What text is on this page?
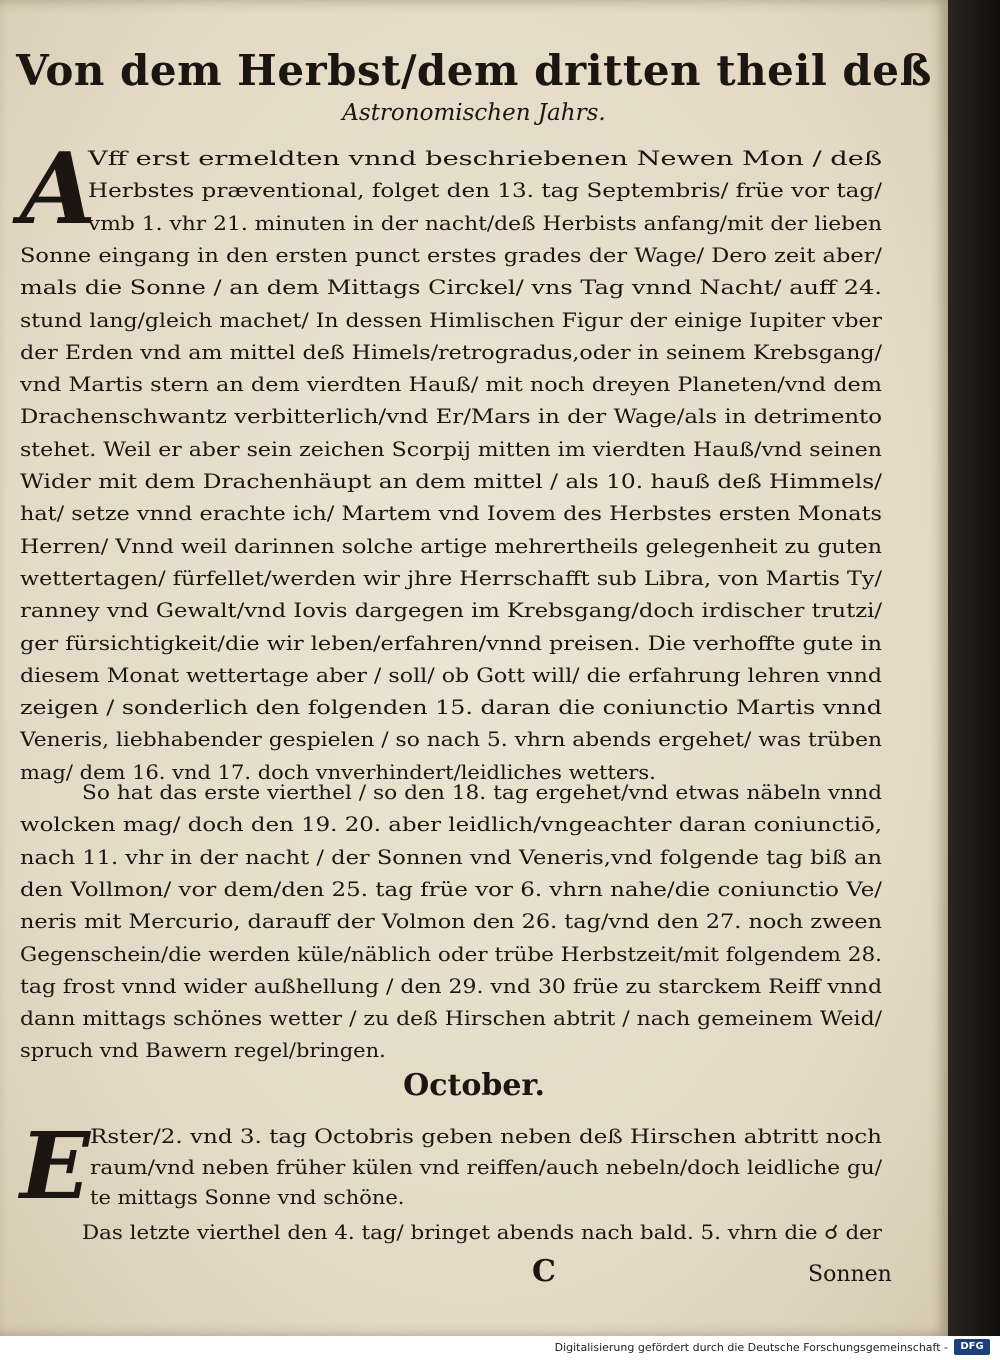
Von dem Herbst/dem dritten theil deß
Astronomischen Jahrs.
A
Vff erst ermeldten vnnd beschriebenen Newen Mon / deß
Herbstes præventional, folget den 13. tag Septembris/ früe vor tag/
vmb 1. vhr 21. minuten in der nacht/deß Herbists anfang/mit der lieben
Sonne eingang in den ersten punct erstes grades der Wage/ Dero zeit aber/
mals die Sonne / an dem Mittags Circkel/ vns Tag vnnd Nacht/ auff 24.
stund lang/gleich machet/ In dessen Himlischen Figur der einige Iupiter vber
der Erden vnd am mittel deß Himels/retrogradus,oder in seinem Krebsgang/
vnd Martis stern an dem vierdten Hauß/ mit noch dreyen Planeten/vnd dem
Drachenschwantz verbitterlich/vnd Er/Mars in der Wage/als in detrimento
stehet. Weil er aber sein zeichen Scorpij mitten im vierdten Hauß/vnd seinen
Wider mit dem Drachenhäupt an dem mittel / als 10. hauß deß Himmels/
hat/ setze vnnd erachte ich/ Martem vnd Iovem des Herbstes ersten Monats
Herren/ Vnnd weil darinnen solche artige mehrertheils gelegenheit zu guten
wettertagen/ fürfellet/werden wir jhre Herrschafft sub Libra, von Martis Ty/
ranney vnd Gewalt/vnd Iovis dargegen im Krebsgang/doch irdischer trutzi/
ger fürsichtigkeit/die wir leben/erfahren/vnnd preisen. Die verhoffte gute in
diesem Monat wettertage aber / soll/ ob Gott will/ die erfahrung lehren vnnd
zeigen / sonderlich den folgenden 15. daran die coniunctio Martis vnnd
Veneris, liebhabender gespielen / so nach 5. vhrn abends ergehet/ was trüben
mag/ dem 16. vnd 17. doch vnverhindert/leidliches wetters.
So hat das erste vierthel / so den 18. tag ergehet/vnd etwas näbeln vnnd
wolcken mag/ doch den 19. 20. aber leidlich/vngeachter daran coniunctiō,
nach 11. vhr in der nacht / der Sonnen vnd Veneris,vnd folgende tag biß an
den Vollmon/ vor dem/den 25. tag früe vor 6. vhrn nahe/die coniunctio Ve/
neris mit Mercurio, darauff der Volmon den 26. tag/vnd den 27. noch zween
Gegenschein/die werden küle/näblich oder trübe Herbstzeit/mit folgendem 28.
tag frost vnnd wider außhellung / den 29. vnd 30 früe zu starckem Reiff vnnd
dann mittags schönes wetter / zu deß Hirschen abtrit / nach gemeinem Weid/
spruch vnd Bawern regel/bringen.
Rster/2. vnd 3. tag Octobris geben neben deß Hirschen abtritt noch
raum/vnd neben früher külen vnd reiffen/auch nebeln/doch leidliche gu/
te mittags Sonne vnd schöne.
Das letzte vierthel den 4. tag/ bringet abends nach bald. 5. vhrn die ☌ der
October.
E
C	Sonnen
Digitalisierung gefördert durch die Deutsche Forschungsgemeinschaft -	DFG
